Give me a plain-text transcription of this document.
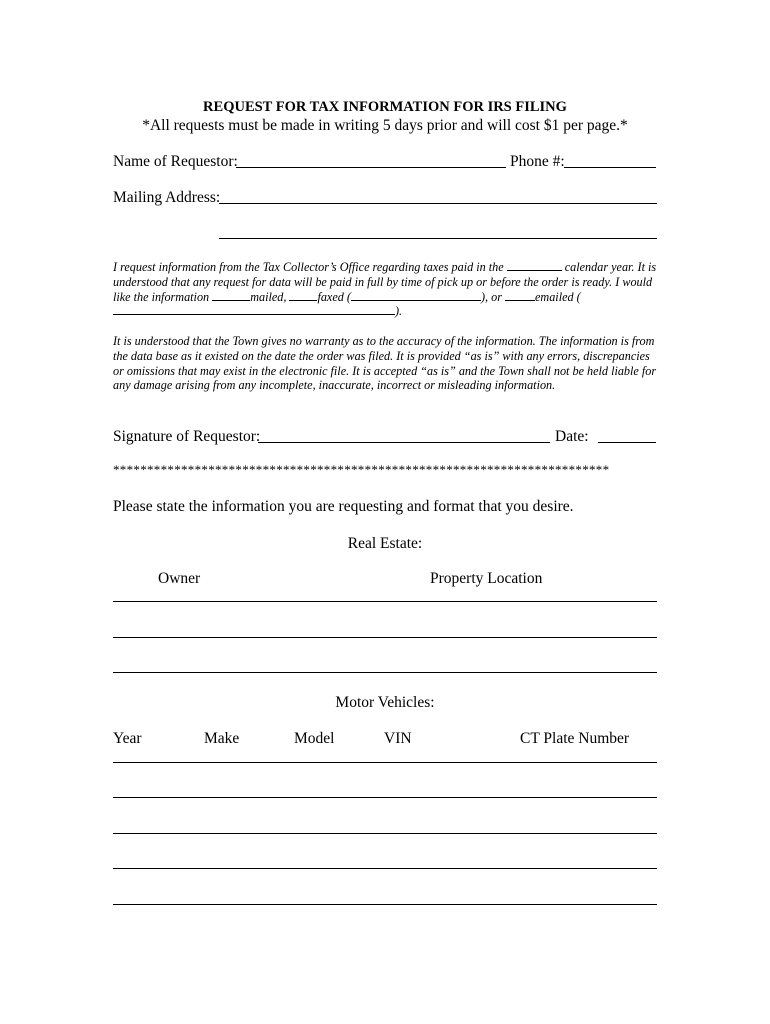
REQUEST FOR TAX INFORMATION FOR IRS FILING
*All requests must be made in writing 5 days prior and will cost $1 per page.*
Name of Requestor:	Phone #:
Mailing Address:
I request information from the Tax Collector’s Office regarding taxes paid in the	calendar year. It is understood that any request for data will be paid in full by time of pick up or before the order is ready. I would like the information	mailed,	faxed (	), or	emailed ().
It is understood that the Town gives no warranty as to the accuracy of the information. The information is from the data base as it existed on the date the order was filed. It is provided “as is” with any errors, discrepancies or omissions that may exist in the electronic file. It is accepted “as is” and the Town shall not be held liable for any damage arising from any incomplete, inaccurate, incorrect or misleading information.
Signature of Requestor:	Date:
*************************************************************************
Please state the information you are requesting and format that you desire.
Real Estate:
Owner	Property Location
Motor Vehicles:
Year	Make	Model	VIN	CT Plate Number
